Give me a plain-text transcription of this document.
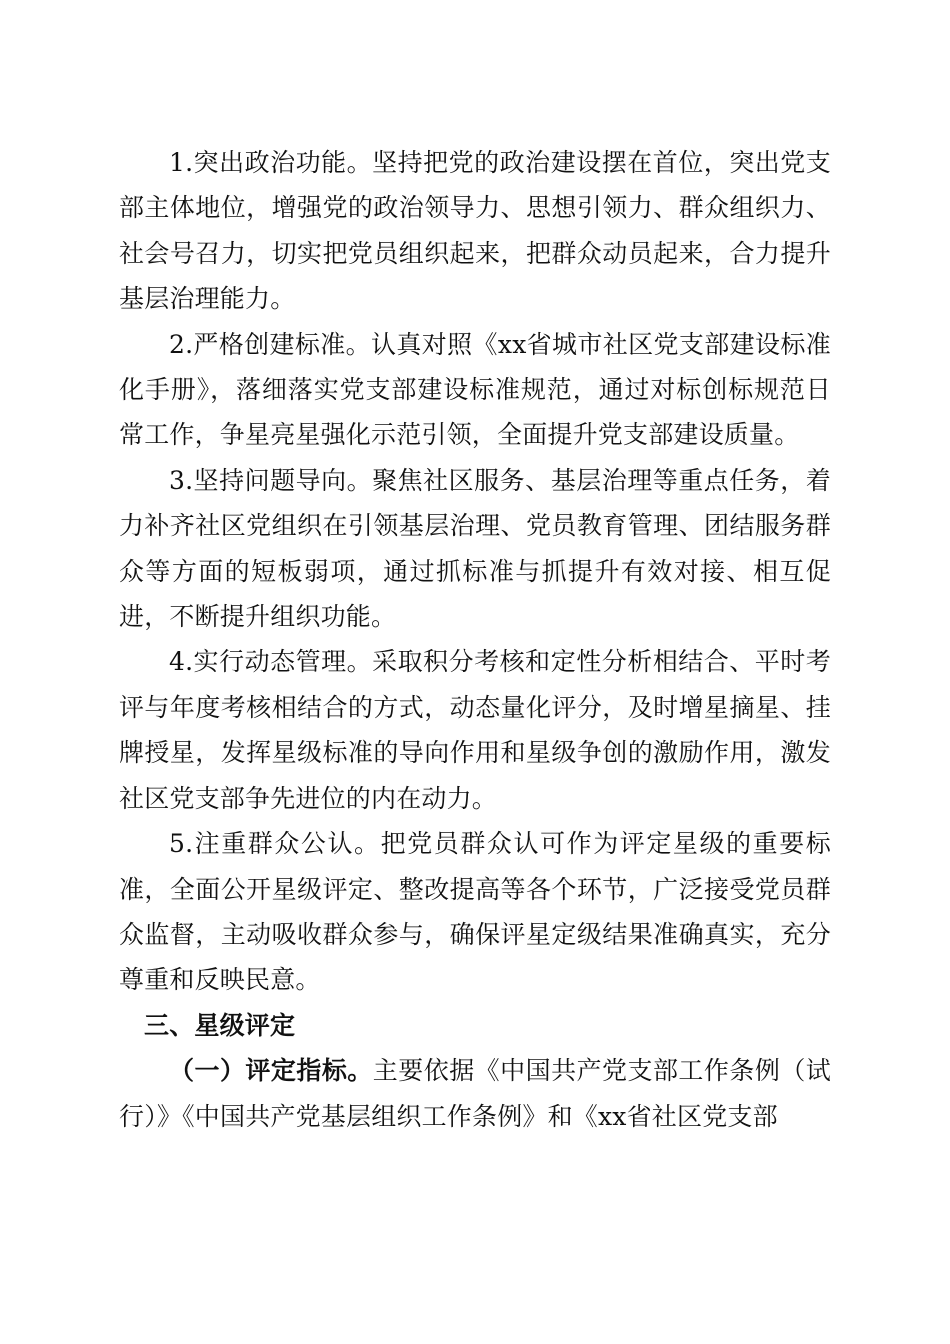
1.突出政治功能。坚持把党的政治建设摆在首位，突出党支部主体地位，增强党的政治领导力、思想引领力、群众组织力、社会号召力，切实把党员组织起来，把群众动员起来，合力提升基层治理能力。

2.严格创建标准。认真对照《xx省城市社区党支部建设标准化手册》，落细落实党支部建设标准规范，通过对标创标规范日常工作，争星亮星强化示范引领，全面提升党支部建设质量。

3.坚持问题导向。聚焦社区服务、基层治理等重点任务，着力补齐社区党组织在引领基层治理、党员教育管理、团结服务群众等方面的短板弱项，通过抓标准与抓提升有效对接、相互促进，不断提升组织功能。

4.实行动态管理。采取积分考核和定性分析相结合、平时考评与年度考核相结合的方式，动态量化评分，及时增星摘星、挂牌授星，发挥星级标准的导向作用和星级争创的激励作用，激发社区党支部争先进位的内在动力。

5.注重群众公认。把党员群众认可作为评定星级的重要标准，全面公开星级评定、整改提高等各个环节，广泛接受党员群众监督，主动吸收群众参与，确保评星定级结果准确真实，充分尊重和反映民意。

三、星级评定

（一）评定指标。主要依据《中国共产党支部工作条例（试行）》《中国共产党基层组织工作条例》和《xx省社区党支部
